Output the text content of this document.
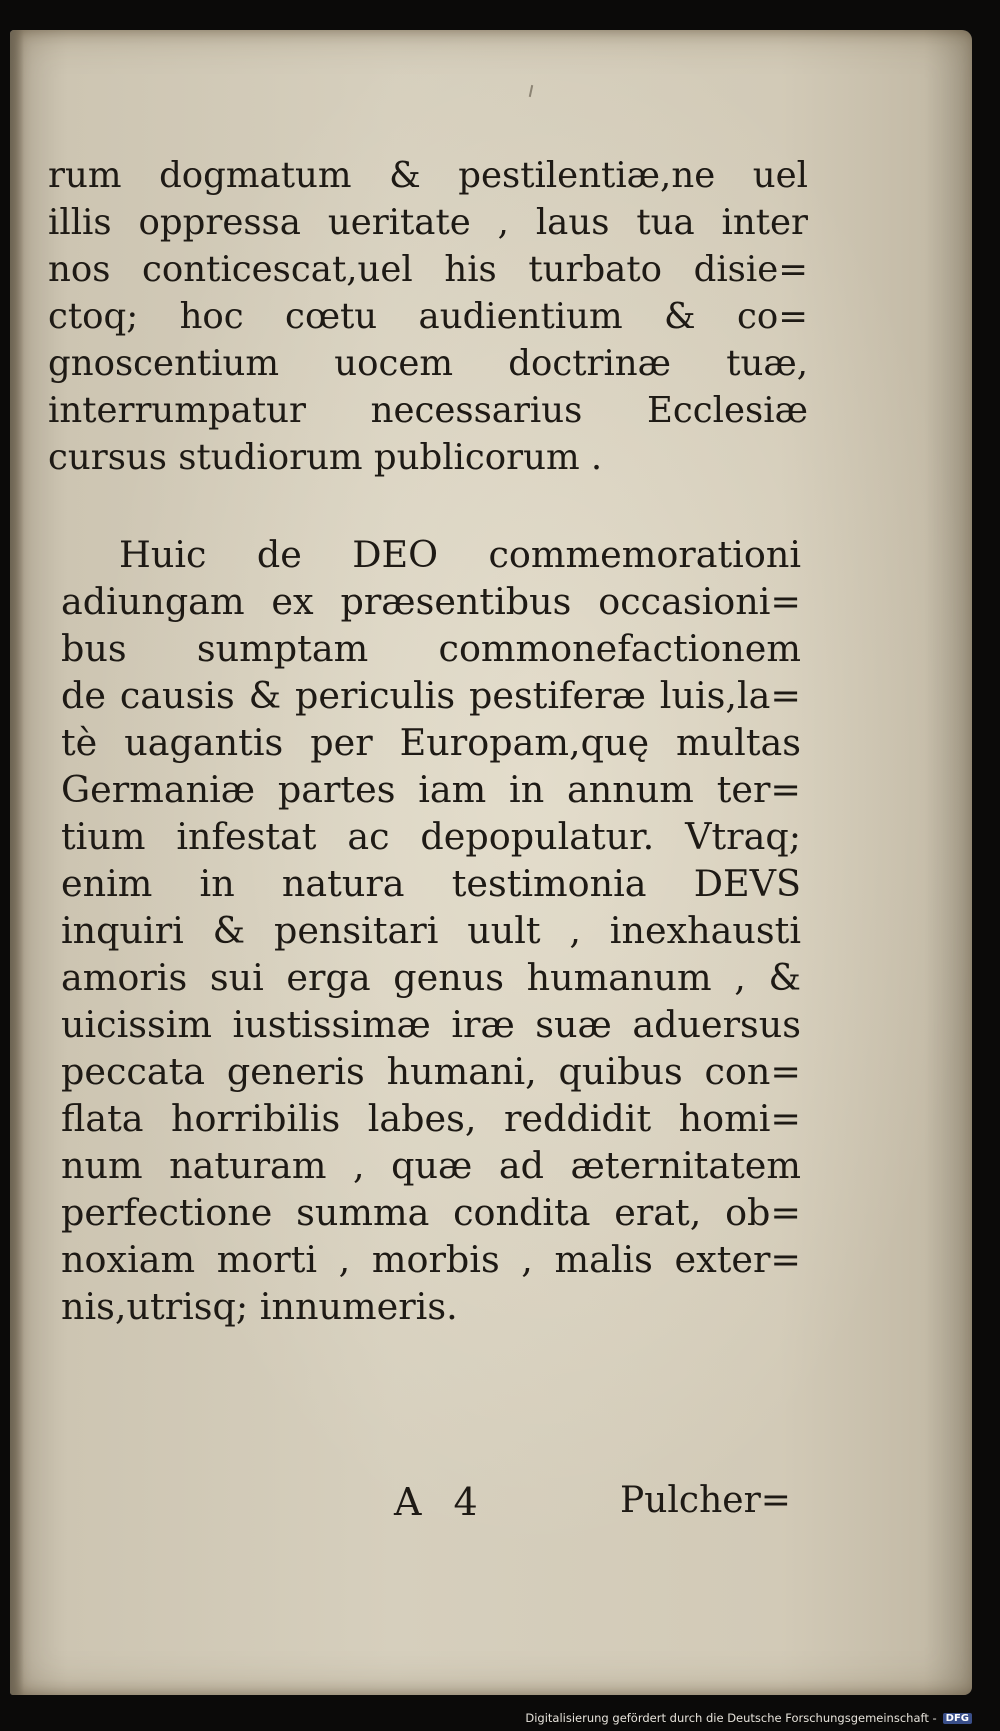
rum dogmatum & pestilentiæ,ne uel
illis oppressa ueritate , laus tua inter
nos conticescat,uel his turbato disie=
ctoq; hoc cœtu audientium & co=
gnoscentium uocem doctrinæ tuæ,
interrumpatur necessarius Ecclesiæ
cursus studiorum publicorum .
Huic de DEO commemorationi
adiungam ex præsentibus occasioni=
bus sumptam commonefactionem
de causis & periculis pestiferæ luis,la=
tè uagantis per Europam,quę multas
Germaniæ partes iam in annum ter=
tium infestat ac depopulatur. Vtraq;
enim in natura testimonia DEVS
inquiri & pensitari uult , inexhausti
amoris sui erga genus humanum , &
uicissim iustissimæ iræ suæ aduersus
peccata generis humani, quibus con=
flata horribilis labes, reddidit homi=
num naturam , quæ ad æternitatem
perfectione summa condita erat, ob=
noxiam morti , morbis , malis exter=
nis,utrisq; innumeris.
A 4	Pulcher=
Digitalisierung gefördert durch die Deutsche Forschungsgemeinschaft - DFG
